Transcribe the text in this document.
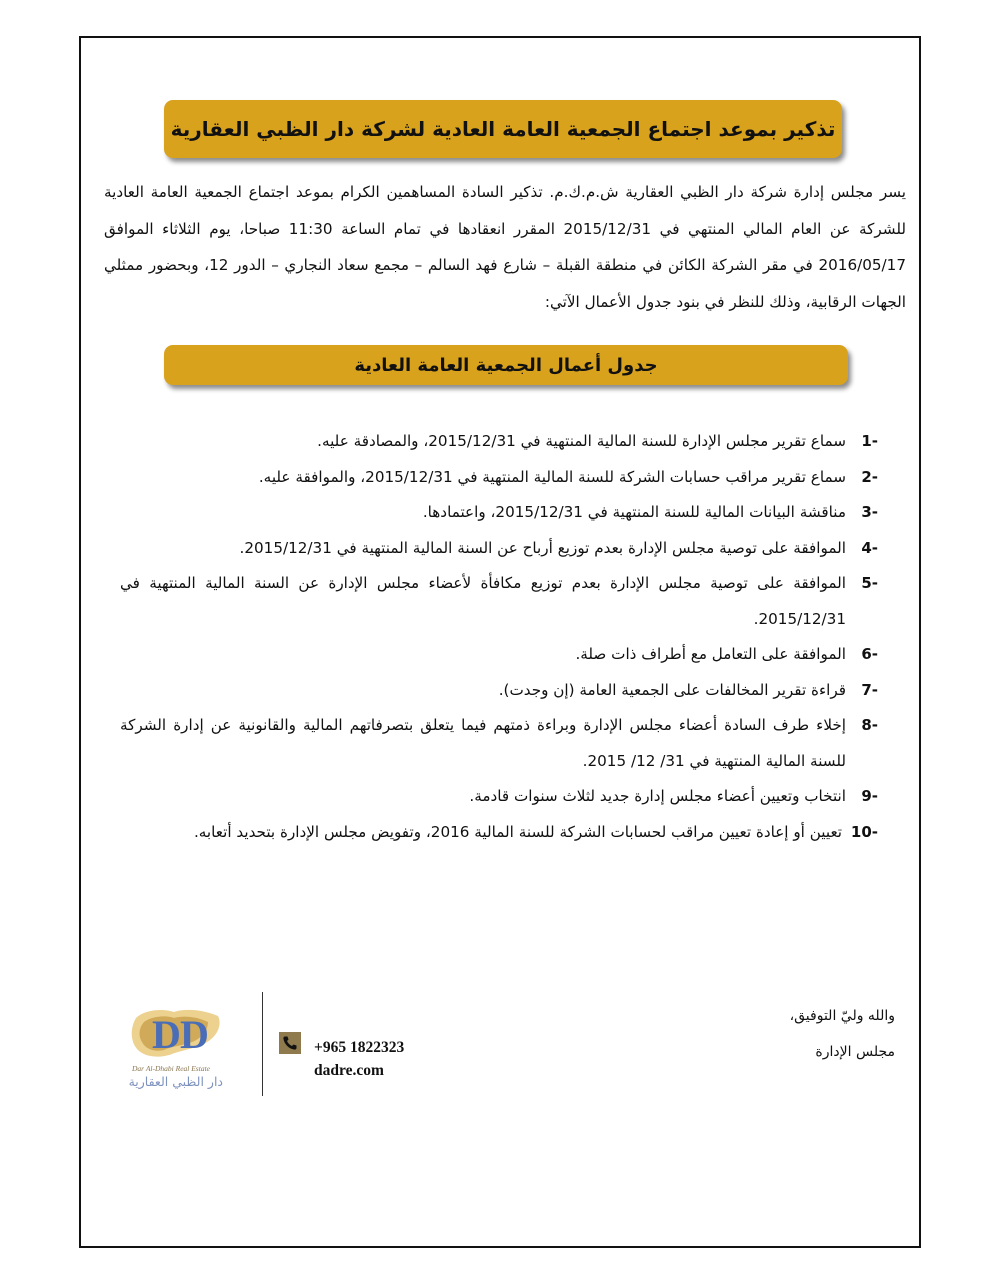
تذكير بموعد اجتماع الجمعية العامة العادية لشركة دار الظبي العقارية
يسر مجلس إدارة شركة دار الظبي العقارية ش.م.ك.م. تذكير السادة المساهمين الكرام بموعد اجتماع الجمعية العامة العادية للشركة عن العام المالي المنتهي في 2015/12/31 المقرر انعقادها في تمام الساعة 11:30 صباحا، يوم الثلاثاء الموافق 2016/05/17 في مقر الشركة الكائن في منطقة القبلة – شارع فهد السالم – مجمع سعاد النجاري – الدور 12، وبحضور ممثلي الجهات الرقابية، وذلك للنظر في بنود جدول الأعمال الآتي:
جدول أعمال الجمعية العامة العادية
-1
سماع تقرير مجلس الإدارة للسنة المالية المنتهية في 2015/12/31، والمصادقة عليه.
-2
سماع تقرير مراقب حسابات الشركة للسنة المالية المنتهية في 2015/12/31، والموافقة عليه.
-3
مناقشة البيانات المالية للسنة المنتهية في 2015/12/31، واعتمادها.
-4
الموافقة على توصية مجلس الإدارة بعدم توزيع أرباح عن السنة المالية المنتهية في 2015/12/31.
-5
الموافقة على توصية مجلس الإدارة بعدم توزيع مكافأة لأعضاء مجلس الإدارة عن السنة المالية المنتهية في 2015/12/31.
-6
الموافقة على التعامل مع أطراف ذات صلة.
-7
قراءة تقرير المخالفات على الجمعية العامة (إن وجدت).
-8
إخلاء طرف السادة أعضاء مجلس الإدارة وبراءة ذمتهم فيما يتعلق بتصرفاتهم المالية والقانونية عن إدارة الشركة للسنة المالية المنتهية في 31/ 12/ 2015.
-9
انتخاب وتعيين أعضاء مجلس إدارة جديد لثلاث سنوات قادمة.
-10
تعيين أو إعادة تعيين مراقب لحسابات الشركة للسنة المالية 2016، وتفويض مجلس الإدارة بتحديد أتعابه.
والله وليّ التوفيق،
مجلس الإدارة
+965 1822323
dadre.com
D D
Dar Al-Dhabi Real Estate
دار الظبي العقارية
